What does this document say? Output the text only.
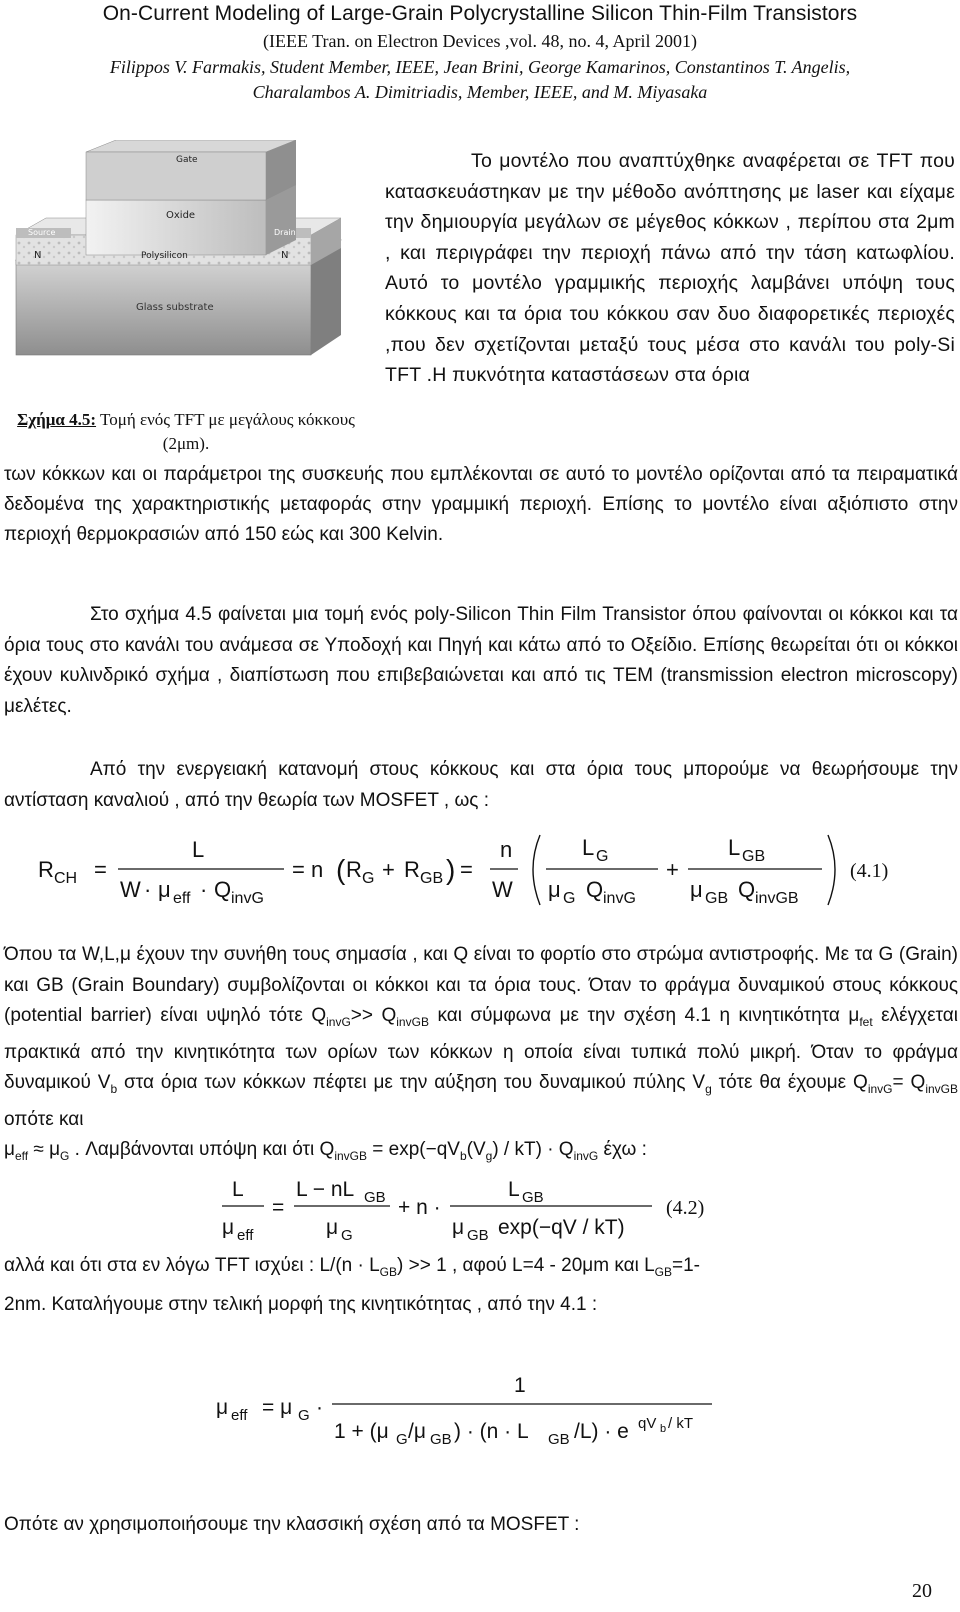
On-Current Modeling of Large-Grain Polycrystalline Silicon Thin-Film Transistors
(IEEE Tran. on Electron Devices ,vol. 48, no. 4, April 2001)
Filippos V. Farmakis, Student Member, IEEE, Jean Brini, George Kamarinos, Constantinos T. Angelis,
Charalambos A. Dimitriadis, Member, IEEE, and M. Miyasaka
Gate
Oxide
Source	Drain
Polysilicon
N	N
Glass substrate
Σχήμα 4.5: Τομή ενός TFT με μεγάλους κόκκους (2μm).
Το μοντέλο που αναπτύχθηκε αναφέρεται σε TFT που κατασκευάστηκαν με την μέθοδο ανόπτησης με laser και είχαμε την δημιουργία μεγάλων σε μέγεθος κόκκων , περίπου στα 2μm , και περιγράφει την περιοχή πάνω από την τάση κατωφλίου. Αυτό το μοντέλο γραμμικής περιοχής λαμβάνει υπόψη τους κόκκους και τα όρια του κόκκου σαν δυο διαφορετικές περιοχές ,που δεν σχετίζονται μεταξύ τους μέσα στο κανάλι του poly-Si TFT .Η πυκνότητα καταστάσεων στα όρια
των κόκκων και οι παράμετροι της συσκευής που εμπλέκονται σε αυτό το μοντέλο ορίζονται από τα πειραματικά δεδομένα της χαρακτηριστικής μεταφοράς στην γραμμική περιοχή. Επίσης το μοντέλο είναι αξιόπιστο στην περιοχή θερμοκρασιών από 150 εώς και 300 Kelvin.
Στο σχήμα 4.5 φαίνεται μια τομή ενός poly-Silicon Thin Film Transistor όπου φαίνονται οι κόκκοι και τα όρια τους στο κανάλι του ανάμεσα σε Υποδοχή και Πηγή και κάτω από το Οξείδιο. Επίσης θεωρείται ότι οι κόκκοι έχουν κυλινδρικό σχήμα , διαπίστωση που επιβεβαιώνεται και από τις TEM (transmission electron microscopy) μελέτες.
Από την ενεργειακή κατανομή στους κόκκους και στα όρια τους μπορούμε να θεωρήσουμε την αντίσταση καναλιού , από την θεωρία των MOSFET , ως :
R CH =
L
W · μ eff · Q invG
= n ( R G + R GB ) =
n
W
L G
μ G Q invG
+
L GB
μ GB Q invGB
(4.1)
Όπου τα W,L,μ έχουν την συνήθη τους σημασία , και Q είναι το φορτίο στο στρώμα αντιστροφής. Με τα G (Grain) και GB (Grain Boundary) συμβολίζονται οι κόκκοι και τα όρια τους. Όταν το φράγμα δυναμικού στους κόκκους (potential barrier) είναι υψηλό τότε $Q_{invG}>> Q_{invGB}$ και σύμφωνα με την σχέση 4.1 η κινητικότητα $\mu_{fet}$ ελέγχεται πρακτικά από την κινητικότητα των ορίων των κόκκων η οποία είναι τυπικά πολύ μικρή. Όταν το φράγμα δυναμικού $V_b$ στα όρια των κόκκων πέφτει με την αύξηση του δυναμικού πύλης $V_g$ τότε θα έχουμε $Q_{invG}= Q_{invGB}$ οπότε και
$\mu_{eff} \approx \mu_G$ . Λαμβάνονται υπόψη και ότι $Q_{invGB} = \exp(-qV_b(V_g) / kT) \cdot Q_{invG}$ έχω :
L
μ eff
=
L − nL GB
μ G
+ n ·
L GB
μ GB exp(−qV / kT)
(4.2)
αλλά και ότι στα εν λόγω TFT ισχύει : $L/(n \cdot L_{GB}) >> 1$ , αφού L=4 - 20μm και $L_{GB}=1-$
2nm. Καταλήγουμε στην τελική μορφή της κινητικότητας , από την 4.1 :
μ eff = μ G ·
1
1 + (μ G /μ GB ) · (n · L GB /L) · e qV b / kT
Οπότε αν χρησιμοποιήσουμε την κλασσική σχέση από τα MOSFET :
20
